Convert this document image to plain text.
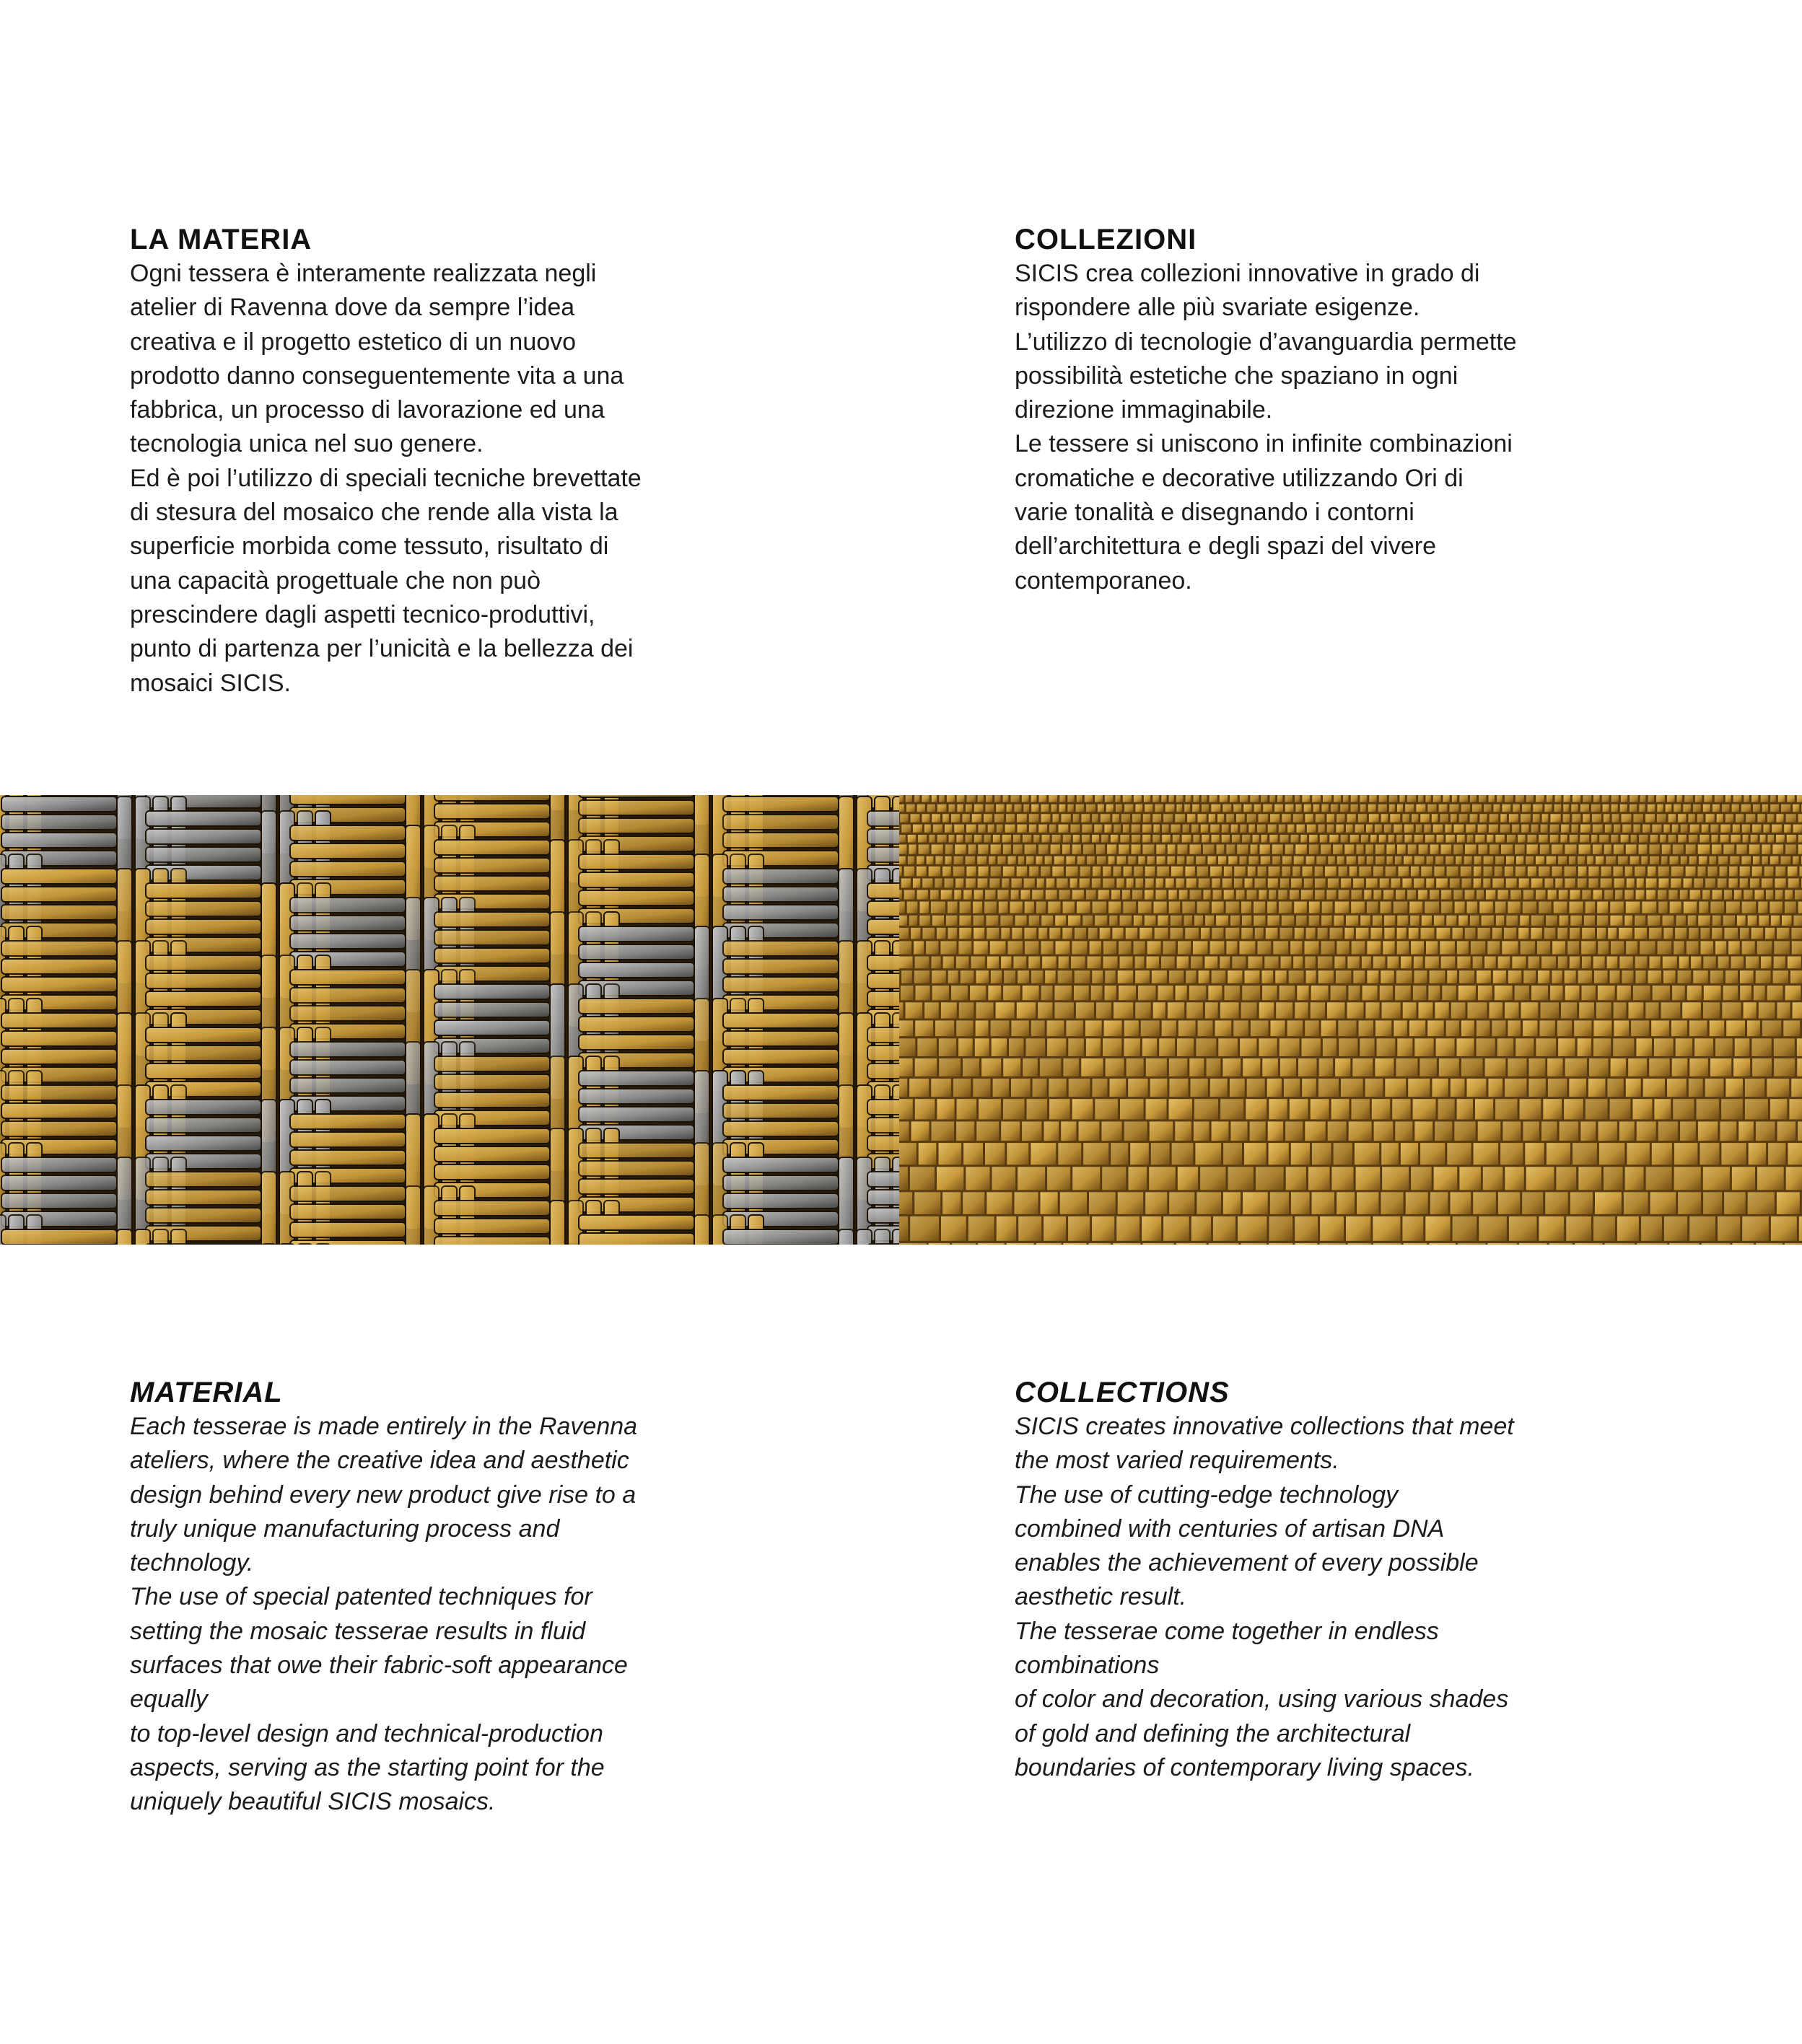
LA MATERIA
Ogni tessera è interamente realizzata negli
atelier di Ravenna dove da sempre l’idea
creativa e il progetto estetico di un nuovo
prodotto danno conseguentemente vita a una
fabbrica, un processo di lavorazione ed una
tecnologia unica nel suo genere.
Ed è poi l’utilizzo di speciali tecniche brevettate
di stesura del mosaico che rende alla vista la
superficie morbida come tessuto, risultato di
una capacità progettuale che non può
prescindere dagli aspetti tecnico-produttivi,
punto di partenza per l’unicità e la bellezza dei
mosaici SICIS.
COLLEZIONI
SICIS crea collezioni innovative in grado di
rispondere alle più svariate esigenze.
L’utilizzo di tecnologie d’avanguardia permette
possibilità estetiche che spaziano in ogni
direzione immaginabile.
Le tessere si uniscono in infinite combinazioni
cromatiche e decorative utilizzando Ori di
varie tonalità e disegnando i contorni
dell’architettura e degli spazi del vivere
contemporaneo.
MATERIAL
Each tesserae is made entirely in the Ravenna
ateliers, where the creative idea and aesthetic
design behind every new product give rise to a
truly unique manufacturing process and
technology.
The use of special patented techniques for
setting the mosaic tesserae results in fluid
surfaces that owe their fabric-soft appearance
equally
to top-level design and technical-production
aspects, serving as the starting point for the
uniquely beautiful SICIS mosaics.
COLLECTIONS
SICIS creates innovative collections that meet
the most varied requirements.
The use of cutting-edge technology
combined with centuries of artisan DNA
enables the achievement of every possible
aesthetic result.
The tesserae come together in endless
combinations
of color and decoration, using various shades
of gold and defining the architectural
boundaries of contemporary living spaces.
